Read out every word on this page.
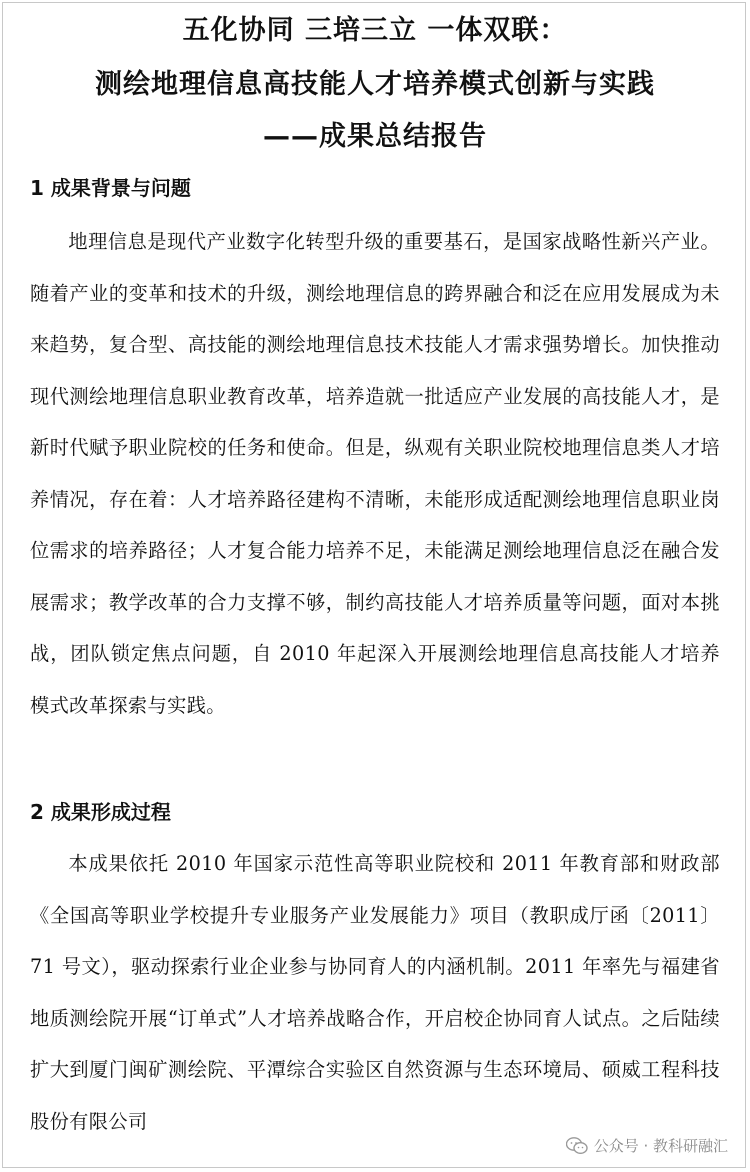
五化协同 三培三立 一体双联：
测绘地理信息高技能人才培养模式创新与实践
——成果总结报告
1 成果背景与问题

地理信息是现代产业数字化转型升级的重要基石，是国家战略性新兴产业。随着产业的变革和技术的升级，测绘地理信息的跨界融合和泛在应用发展成为未来趋势，复合型、高技能的测绘地理信息技术技能人才需求强势增长。加快推动现代测绘地理信息职业教育改革，培养造就一批适应产业发展的高技能人才，是新时代赋予职业院校的任务和使命。但是，纵观有关职业院校地理信息类人才培养情况，存在着：人才培养路径建构不清晰，未能形成适配测绘地理信息职业岗位需求的培养路径；人才复合能力培养不足，未能满足测绘地理信息泛在融合发展需求；教学改革的合力支撑不够，制约高技能人才培养质量等问题，面对本挑战，团队锁定焦点问题，自 2010 年起深入开展测绘地理信息高技能人才培养模式改革探索与实践。

2 成果形成过程

本成果依托 2010 年国家示范性高等职业院校和 2011 年教育部和财政部《全国高等职业学校提升专业服务产业发展能力》项目（教职成厅函〔2011〕71 号文），驱动探索行业企业参与协同育人的内涵机制。2011 年率先与福建省地质测绘院开展“订单式”人才培养战略合作，开启校企协同育人试点。之后陆续扩大到厦门闽矿测绘院、平潭综合实验区自然资源与生态环境局、硕威工程科技股份有限公司

公众号 · 教科研融汇
